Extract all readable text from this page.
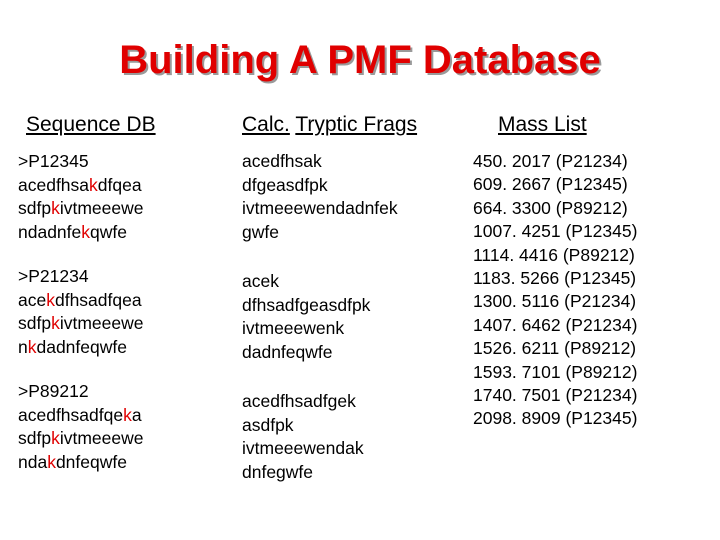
Building A PMF Database
Sequence DB	Calc. Tryptic Frags	Mass List
>P12345
acedfhsakdfqea
sdfpkivtmeeewe
ndadnfekqwfe
>P21234
acekdfhsadfqea
sdfpkivtmeeewe
nkdadnfeqwfe
>P89212
acedfhsadfqeka
sdfpkivtmeeewe
ndakdnfeqwfe
acedfhsak
dfgeasdfpk
ivtmeeewendadnfek
gwfe
acek
dfhsadfgeasdfpk
ivtmeeewenk
dadnfeqwfe
acedfhsadfgek
asdfpk
ivtmeeewendak
dnfegwfe
450. 2017 (P21234)
609. 2667 (P12345)
664. 3300 (P89212)
1007. 4251 (P12345)
1114. 4416 (P89212)
1183. 5266 (P12345)
1300. 5116 (P21234)
1407. 6462 (P21234)
1526. 6211 (P89212)
1593. 7101 (P89212)
1740. 7501 (P21234)
2098. 8909 (P12345)
